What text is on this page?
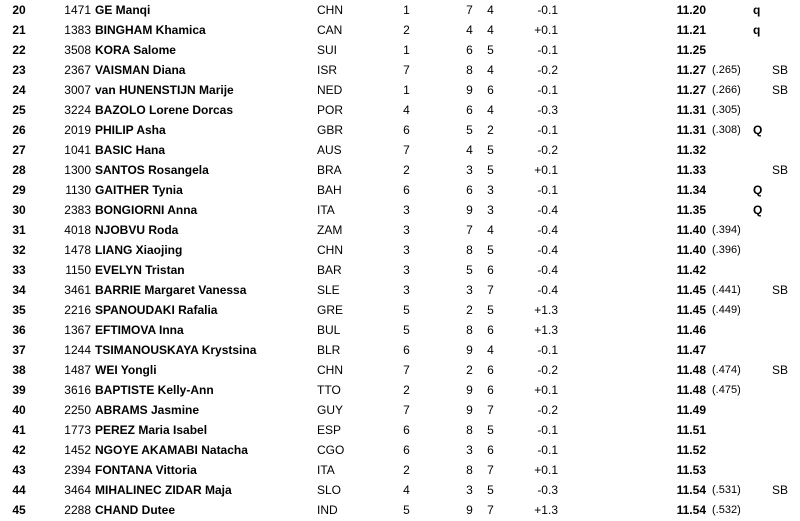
20	1471 GE Manqi	CHN	1	7	4	-0.1	11.20	q
21	1383 BINGHAM Khamica	CAN	2	4	4	+0.1	11.21	q
22	3508 KORA Salome	SUI	1	6	5	-0.1	11.25
23	2367 VAISMAN Diana	ISR	7	8	4	-0.2	11.27 (.265)	SB
24	3007 van HUNENSTIJN Marije	NED	1	9	6	-0.1	11.27 (.266)	SB
25	3224 BAZOLO Lorene Dorcas	POR	4	6	4	-0.3	11.31 (.305)
26	2019 PHILIP Asha	GBR	6	5	2	-0.1	11.31 (.308) Q
27	1041 BASIC Hana	AUS	7	4	5	-0.2	11.32
28	1300 SANTOS Rosangela	BRA	2	3	5	+0.1	11.33	SB
29	1130 GAITHER Tynia	BAH	6	6	3	-0.1	11.34	Q
30	2383 BONGIORNI Anna	ITA	3	9	3	-0.4	11.35	Q
31	4018 NJOBVU Roda	ZAM	3	7	4	-0.4	11.40 (.394)
32	1478 LIANG Xiaojing	CHN	3	8	5	-0.4	11.40 (.396)
33	1150 EVELYN Tristan	BAR	3	5	6	-0.4	11.42
34	3461 BARRIE Margaret Vanessa	SLE	3	3	7	-0.4	11.45 (.441)	SB
35	2216 SPANOUDAKI Rafalia	GRE	5	2	5	+1.3	11.45 (.449)
36	1367 EFTIMOVA Inna	BUL	5	8	6	+1.3	11.46
37	1244 TSIMANOUSKAYA Krystsina	BLR	6	9	4	-0.1	11.47
38	1487 WEI Yongli	CHN	7	2	6	-0.2	11.48 (.474)	SB
39	3616 BAPTISTE Kelly-Ann	TTO	2	9	6	+0.1	11.48 (.475)
40	2250 ABRAMS Jasmine	GUY	7	9	7	-0.2	11.49
41	1773 PEREZ Maria Isabel	ESP	6	8	5	-0.1	11.51
42	1452 NGOYE AKAMABI Natacha	CGO	6	3	6	-0.1	11.52
43	2394 FONTANA Vittoria	ITA	2	8	7	+0.1	11.53
44	3464 MIHALINEC ZIDAR Maja	SLO	4	3	5	-0.3	11.54 (.531)	SB
45	2288 CHAND Dutee	IND	5	9	7	+1.3	11.54 (.532)
